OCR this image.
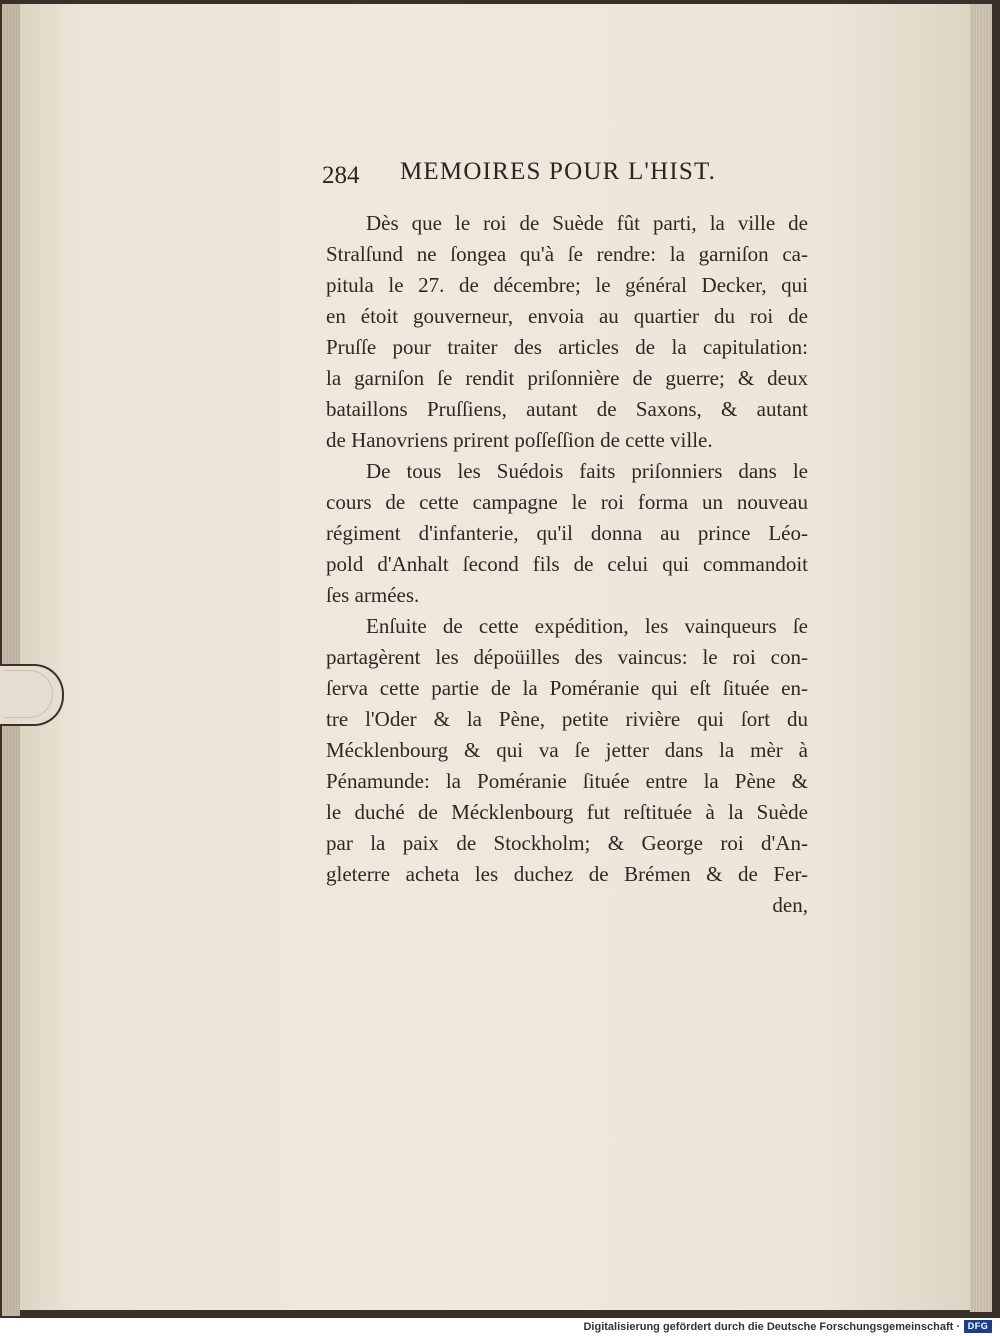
284 MEMOIRES POUR L'HIST.
Dès que le roi de Suède fût parti, la ville de
Stralſund ne ſongea qu'à ſe rendre: la garniſon ca-
pitula le 27. de décembre; le général Decker, qui
en étoit gouverneur, envoia au quartier du roi de
Pruſſe pour traiter des articles de la capitulation:
la garniſon ſe rendit priſonnière de guerre; & deux
bataillons Pruſſiens, autant de Saxons, & autant
de Hanovriens prirent poſſeſſion de cette ville.
De tous les Suédois faits priſonniers dans le
cours de cette campagne le roi forma un nouveau
régiment d'infanterie, qu'il donna au prince Léo-
pold d'Anhalt ſecond fils de celui qui commandoit
ſes armées.
Enſuite de cette expédition, les vainqueurs ſe
partagèrent les dépoüilles des vaincus: le roi con-
ſerva cette partie de la Poméranie qui eſt ſituée en-
tre l'Oder & la Pène, petite rivière qui ſort du
Mécklenbourg & qui va ſe jetter dans la mèr à
Pénamunde: la Poméranie ſituée entre la Pène &
le duché de Mécklenbourg fut reſtituée à la Suède
par la paix de Stockholm; & George roi d'An-
gleterre acheta les duchez de Brémen & de Fer-
den,
Digitalisierung gefördert durch die Deutsche Forschungsgemeinschaft · DFG
